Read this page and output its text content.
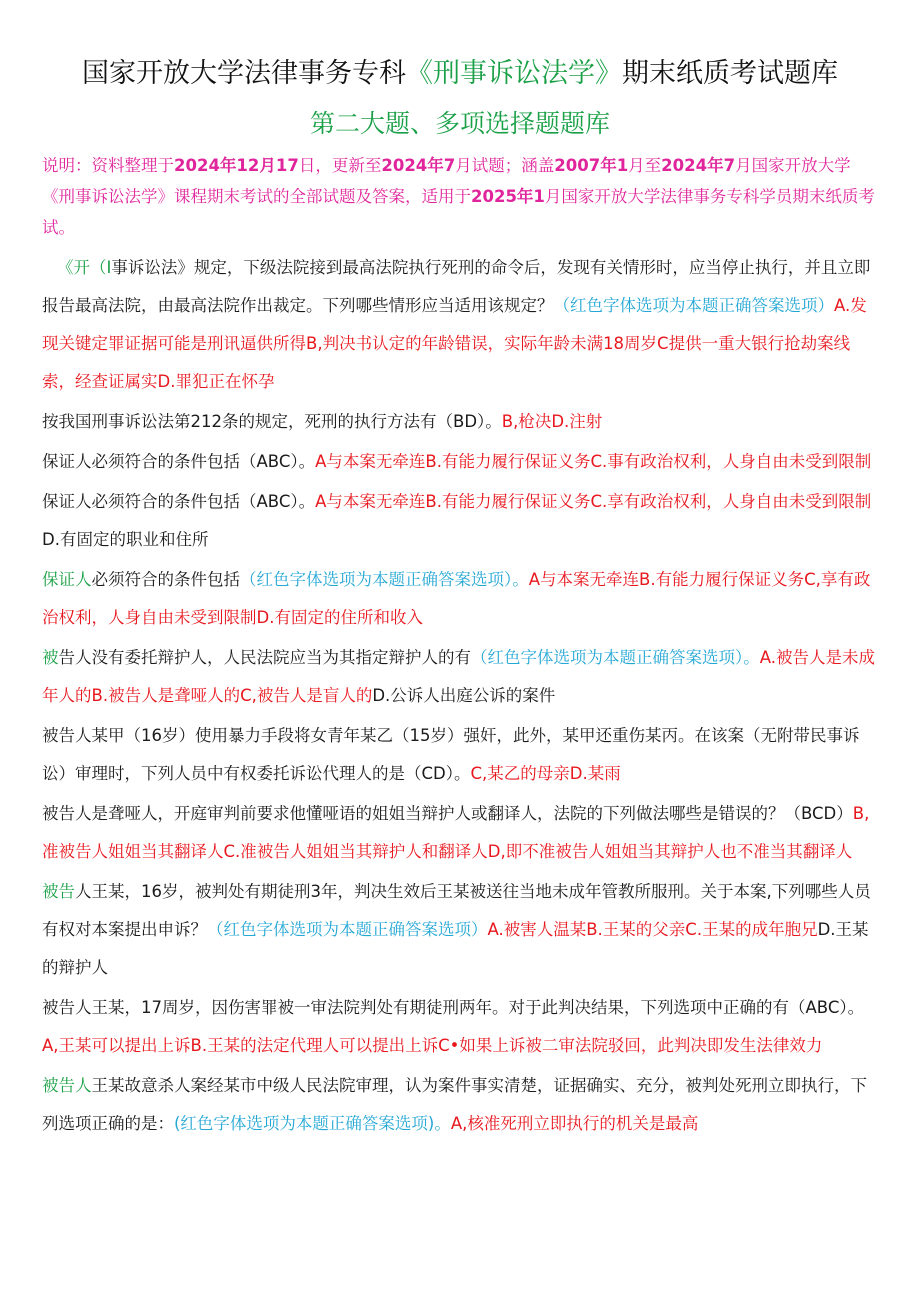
国家开放大学法律事务专科《刑事诉讼法学》期末纸质考试题库
第二大题、多项选择题题库

说明：资料整理于2024年12月17日，更新至2024年7月试题；涵盖2007年1月至2024年7月国家开放大学《刑事诉讼法学》课程期末考试的全部试题及答案，适用于2025年1月国家开放大学法律事务专科学员期末纸质考试。

《开（I事诉讼法》规定，下级法院接到最高法院执行死刑的命令后，发现有关情形时，应当停止执行，并且立即报告最高法院，由最高法院作出裁定。下列哪些情形应当适用该规定？（红色字体选项为本题正确答案选项）A.发现关键定罪证据可能是刑讯逼供所得B,判决书认定的年龄错误，实际年龄未满18周岁C提供一重大银行抢劫案线索，经查证属实D.罪犯正在怀孕

按我国刑事诉讼法第212条的规定，死刑的执行方法有（BD）。B,枪决D.注射

保证人必须符合的条件包括（ABC）。A与本案无牵连B.有能力履行保证义务C.事有政治权利，人身自由未受到限制

保证人必须符合的条件包括（ABC）。A与本案无牵连B.有能力履行保证义务C.享有政治权利，人身自由未受到限制D.有固定的职业和住所

保证人必须符合的条件包括（红色字体选项为本题正确答案选项）。A与本案无牵连B.有能力履行保证义务C,享有政治权利，人身自由未受到限制D.有固定的住所和收入

被告人没有委托辩护人，人民法院应当为其指定辩护人的有（红色字体选项为本题正确答案选项）。A.被告人是未成年人的B.被告人是聋哑人的C,被告人是盲人的D.公诉人出庭公诉的案件

被告人某甲（16岁）使用暴力手段将女青年某乙（15岁）强奸，此外，某甲还重伤某丙。在该案（无附带民事诉讼）审理时，下列人员中有权委托诉讼代理人的是（CD）。C,某乙的母亲D.某雨

被告人是聋哑人，开庭审判前要求他懂哑语的姐姐当辩护人或翻译人，法院的下列做法哪些是错误的？（BCD）B,准被告人姐姐当其翻译人C.准被告人姐姐当其辩护人和翻译人D,即不准被告人姐姐当其辩护人也不准当其翻译人

被告人王某，16岁，被判处有期徒刑3年，判决生效后王某被送往当地未成年管教所服刑。关于本案,下列哪些人员有权对本案提出申诉？（红色字体选项为本题正确答案选项）A.被害人温某B.王某的父亲C.王某的成年胞兄D.王某的辩护人

被告人王某，17周岁，因伤害罪被一审法院判处有期徒刑两年。对于此判决结果，下列选项中正确的有（ABC）。A,王某可以提出上诉B.王某的法定代理人可以提出上诉C•如果上诉被二审法院驳回，此判决即发生法律效力

被告人王某故意杀人案经某市中级人民法院审理，认为案件事实清楚，证据确实、充分，被判处死刑立即执行，下列选项正确的是：(红色字体选项为本题正确答案选项)。A,核准死刑立即执行的机关是最高
